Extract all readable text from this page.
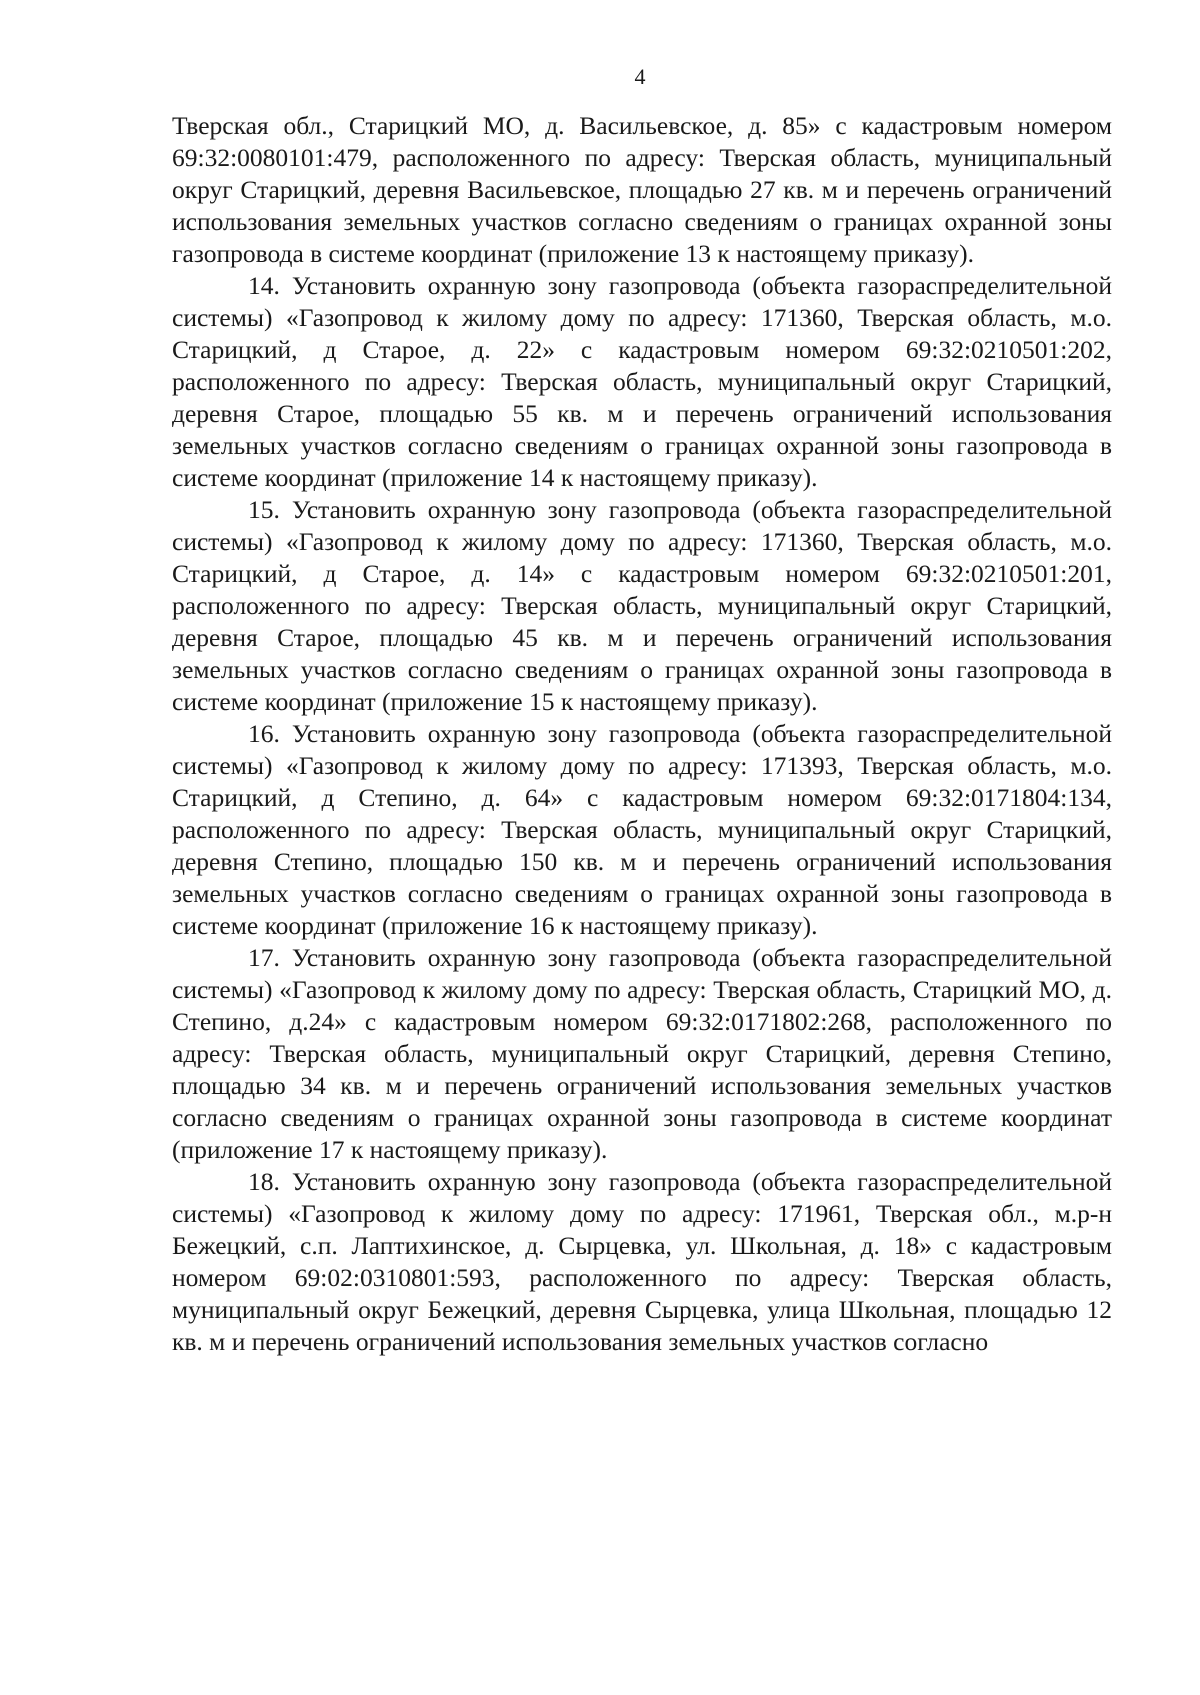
4

Тверская обл., Старицкий МО, д. Васильевское, д. 85» с кадастровым номером 69:32:0080101:479, расположенного по адресу: Тверская область, муниципальный округ Старицкий, деревня Васильевское, площадью 27 кв. м и перечень ограничений использования земельных участков согласно сведениям о границах охранной зоны газопровода в системе координат (приложение 13 к настоящему приказу).

14. Установить охранную зону газопровода (объекта газораспределительной системы) «Газопровод к жилому дому по адресу: 171360, Тверская область, м.о. Старицкий, д Старое, д. 22» с кадастровым номером 69:32:0210501:202, расположенного по адресу: Тверская область, муниципальный округ Старицкий, деревня Старое, площадью 55 кв. м и перечень ограничений использования земельных участков согласно сведениям о границах охранной зоны газопровода в системе координат (приложение 14 к настоящему приказу).

15. Установить охранную зону газопровода (объекта газораспределительной системы) «Газопровод к жилому дому по адресу: 171360, Тверская область, м.о. Старицкий, д Старое, д. 14» с кадастровым номером 69:32:0210501:201, расположенного по адресу: Тверская область, муниципальный округ Старицкий, деревня Старое, площадью 45 кв. м и перечень ограничений использования земельных участков согласно сведениям о границах охранной зоны газопровода в системе координат (приложение 15 к настоящему приказу).

16. Установить охранную зону газопровода (объекта газораспределительной системы) «Газопровод к жилому дому по адресу: 171393, Тверская область, м.о. Старицкий, д Степино, д. 64» с кадастровым номером 69:32:0171804:134, расположенного по адресу: Тверская область, муниципальный округ Старицкий, деревня Степино, площадью 150 кв. м и перечень ограничений использования земельных участков согласно сведениям о границах охранной зоны газопровода в системе координат (приложение 16 к настоящему приказу).

17. Установить охранную зону газопровода (объекта газораспределительной системы) «Газопровод к жилому дому по адресу: Тверская область, Старицкий МО, д. Степино, д.24» с кадастровым номером 69:32:0171802:268, расположенного по адресу: Тверская область, муниципальный округ Старицкий, деревня Степино, площадью 34 кв. м и перечень ограничений использования земельных участков согласно сведениям о границах охранной зоны газопровода в системе координат (приложение 17 к настоящему приказу).

18. Установить охранную зону газопровода (объекта газораспределительной системы) «Газопровод к жилому дому по адресу: 171961, Тверская обл., м.р-н Бежецкий, с.п. Лаптихинское, д. Сырцевка, ул. Школьная, д. 18» с кадастровым номером 69:02:0310801:593, расположенного по адресу: Тверская область, муниципальный округ Бежецкий, деревня Сырцевка, улица Школьная, площадью 12 кв. м и перечень ограничений использования земельных участков согласно
